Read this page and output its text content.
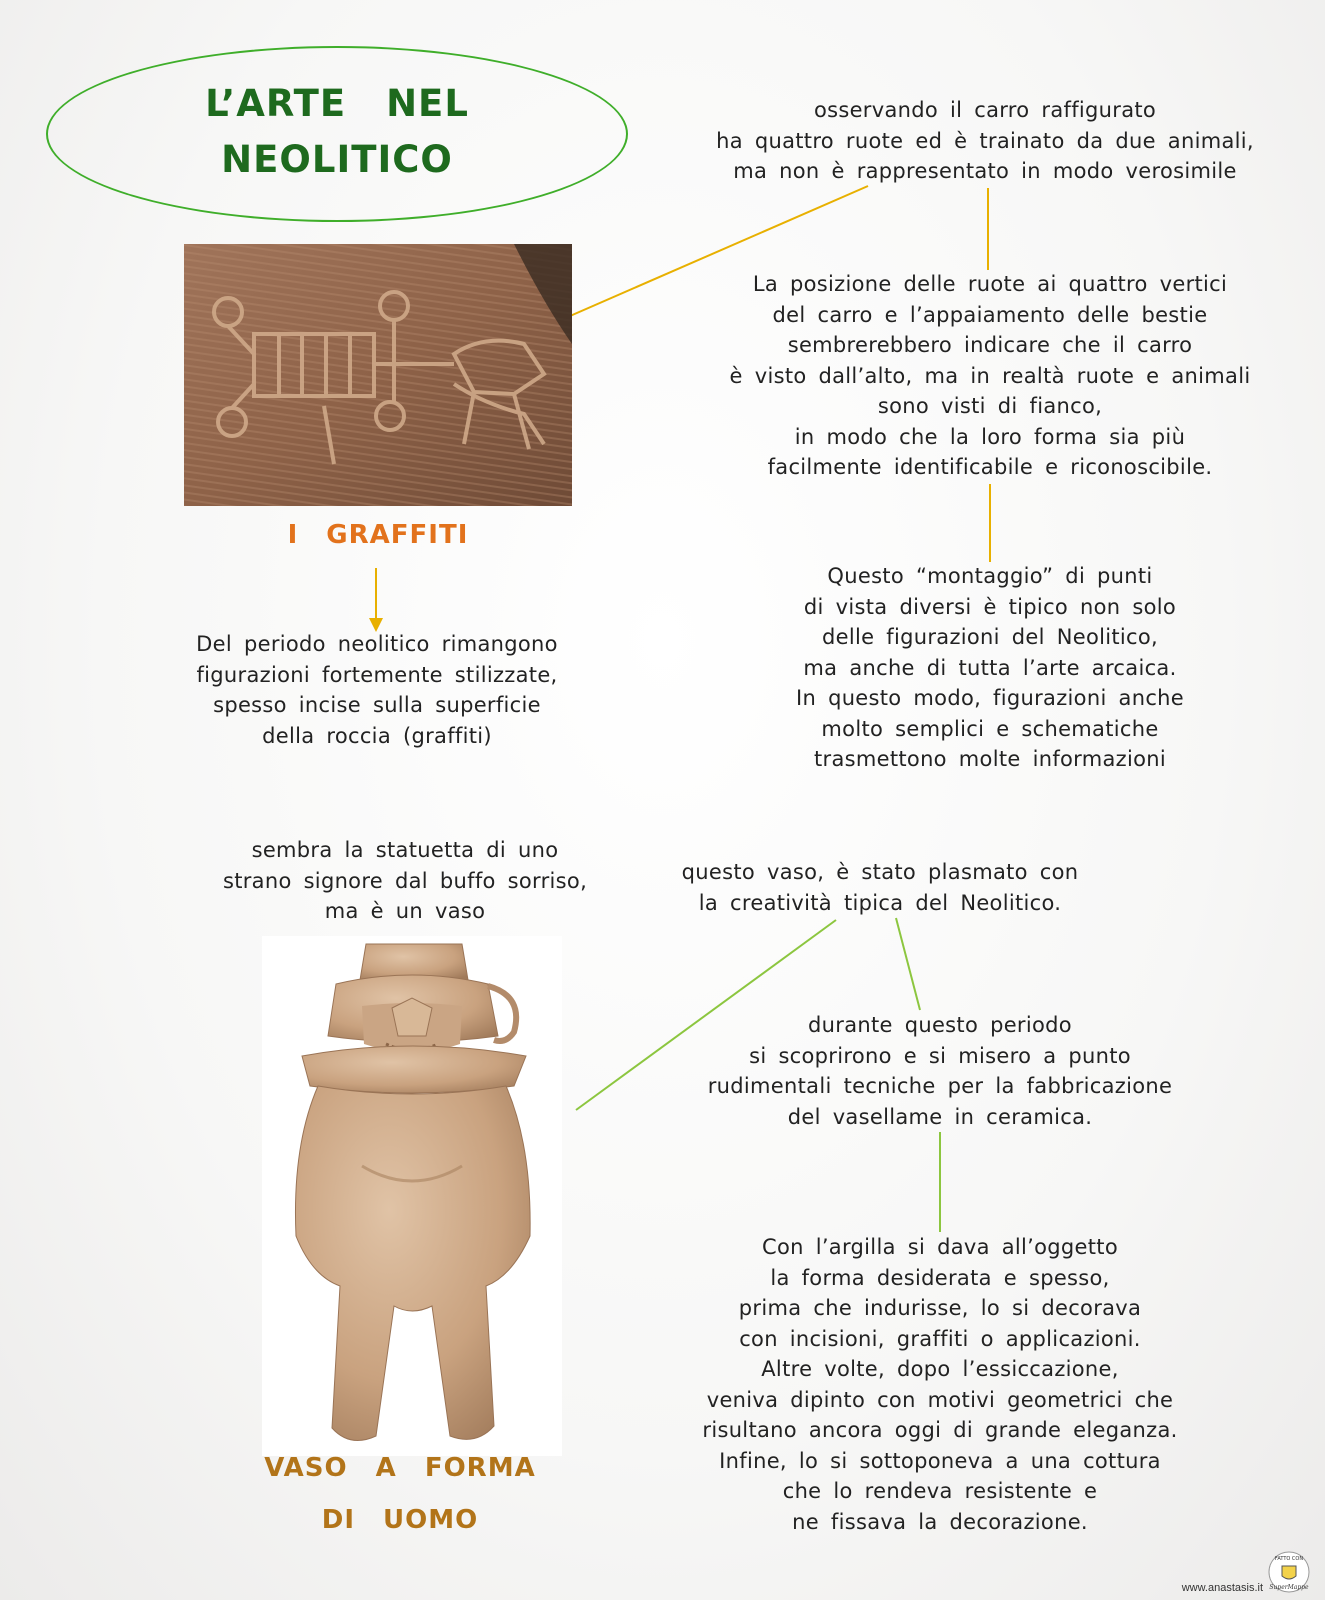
L’ARTE NEL
NEOLITICO
I GRAFFITI
Del periodo neolitico rimangono
figurazioni fortemente stilizzate,
spesso incise sulla superficie
della roccia (graffiti)
osservando il carro raffigurato
ha quattro ruote ed è trainato da due animali,
ma non è rappresentato in modo verosimile
La posizione delle ruote ai quattro vertici
del carro e l’appaiamento delle bestie
sembrerebbero indicare che il carro
è visto dall’alto, ma in realtà ruote e animali
sono visti di fianco,
in modo che la loro forma sia più
facilmente identificabile e riconoscibile.
Questo “montaggio” di punti
di vista diversi è tipico non solo
delle figurazioni del Neolitico,
ma anche di tutta l’arte arcaica.
In questo modo, figurazioni anche
molto semplici e schematiche
trasmettono molte informazioni
sembra la statuetta di uno
strano signore dal buffo sorriso,
ma è un vaso
VASO A FORMA
DI UOMO
questo vaso, è stato plasmato con
la creatività tipica del Neolitico.
durante questo periodo
si scoprirono e si misero a punto
rudimentali tecniche per la fabbricazione
del vasellame in ceramica.
Con l’argilla si dava all’oggetto
la forma desiderata e spesso,
prima che indurisse, lo si decorava
con incisioni, graffiti o applicazioni.
Altre volte, dopo l’essiccazione,
veniva dipinto con motivi geometrici che
risultano ancora oggi di grande eleganza.
Infine, lo si sottoponeva a una cottura
che lo rendeva resistente e
ne fissava la decorazione.
www.anastasis.it
FATTO CON
SuperMappe
